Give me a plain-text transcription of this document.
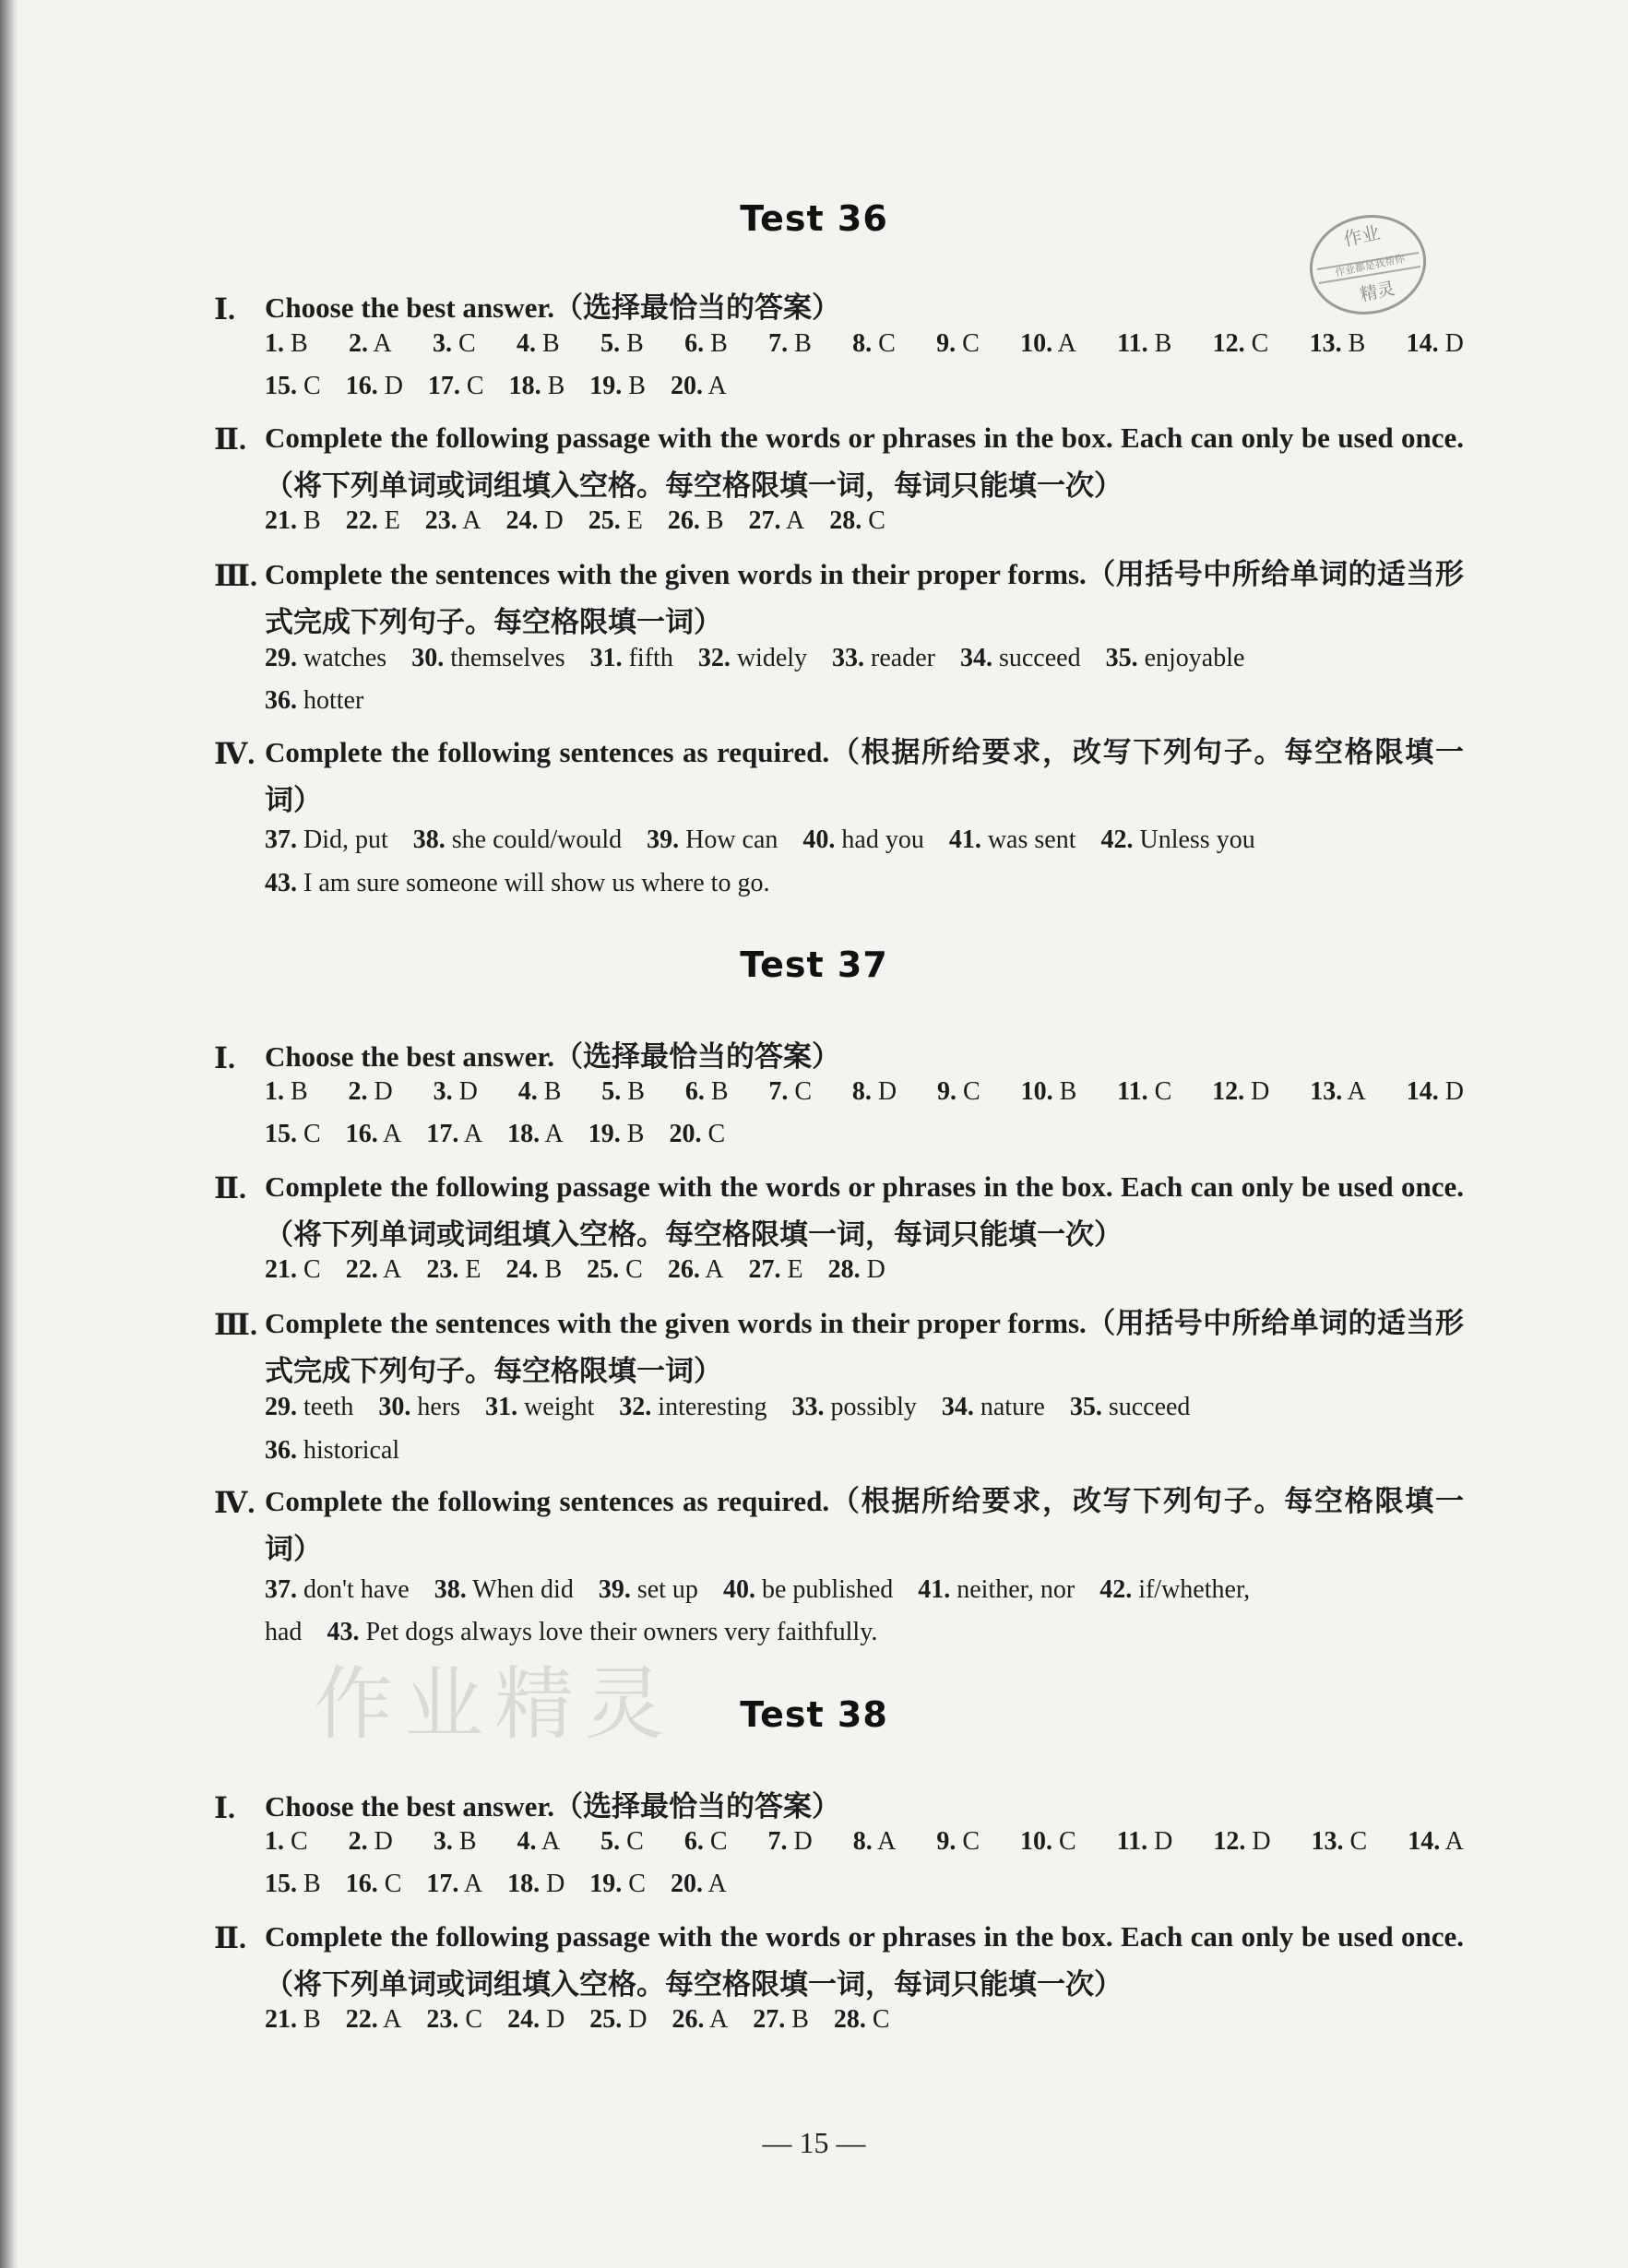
Test 36
Ⅰ. Choose the best answer.（选择最恰当的答案）
1. B 2. A 3. C 4. B 5. B 6. B 7. B 8. C 9. C 10. A 11. B 12. C 13. B 14. D
15. C 16. D 17. C 18. B 19. B 20. A
Ⅱ. Complete the following passage with the words or phrases in the box. Each can only be used once.（将下列单词或词组填入空格。每空格限填一词，每词只能填一次）
21. B 22. E 23. A 24. D 25. E 26. B 27. A 28. C
Ⅲ. Complete the sentences with the given words in their proper forms.（用括号中所给单词的适当形式完成下列句子。每空格限填一词）
29. watches 30. themselves 31. fifth 32. widely 33. reader 34. succeed 35. enjoyable
36. hotter
Ⅳ. Complete the following sentences as required.（根据所给要求，改写下列句子。每空格限填一词）
37. Did, put 38. she could/would 39. How can 40. had you 41. was sent 42. Unless you
43. I am sure someone will show us where to go.
Test 37
Ⅰ. Choose the best answer.（选择最恰当的答案）
1. B 2. D 3. D 4. B 5. B 6. B 7. C 8. D 9. C 10. B 11. C 12. D 13. A 14. D
15. C 16. A 17. A 18. A 19. B 20. C
Ⅱ. Complete the following passage with the words or phrases in the box. Each can only be used once.（将下列单词或词组填入空格。每空格限填一词，每词只能填一次）
21. C 22. A 23. E 24. B 25. C 26. A 27. E 28. D
Ⅲ. Complete the sentences with the given words in their proper forms.（用括号中所给单词的适当形式完成下列句子。每空格限填一词）
29. teeth 30. hers 31. weight 32. interesting 33. possibly 34. nature 35. succeed
36. historical
Ⅳ. Complete the following sentences as required.（根据所给要求，改写下列句子。每空格限填一词）
37. don't have 38. When did 39. set up 40. be published 41. neither, nor 42. if/whether,
had 43. Pet dogs always love their owners very faithfully.
Test 38
Ⅰ. Choose the best answer.（选择最恰当的答案）
1. C 2. D 3. B 4. A 5. C 6. C 7. D 8. A 9. C 10. C 11. D 12. D 13. C 14. A
15. B 16. C 17. A 18. D 19. C 20. A
Ⅱ. Complete the following passage with the words or phrases in the box. Each can only be used once.（将下列单词或词组填入空格。每空格限填一词，每词只能填一次）
21. B 22. A 23. C 24. D 25. D 26. A 27. B 28. C
作业
作业都是我帮你
精灵
作业精灵
— 15 —
